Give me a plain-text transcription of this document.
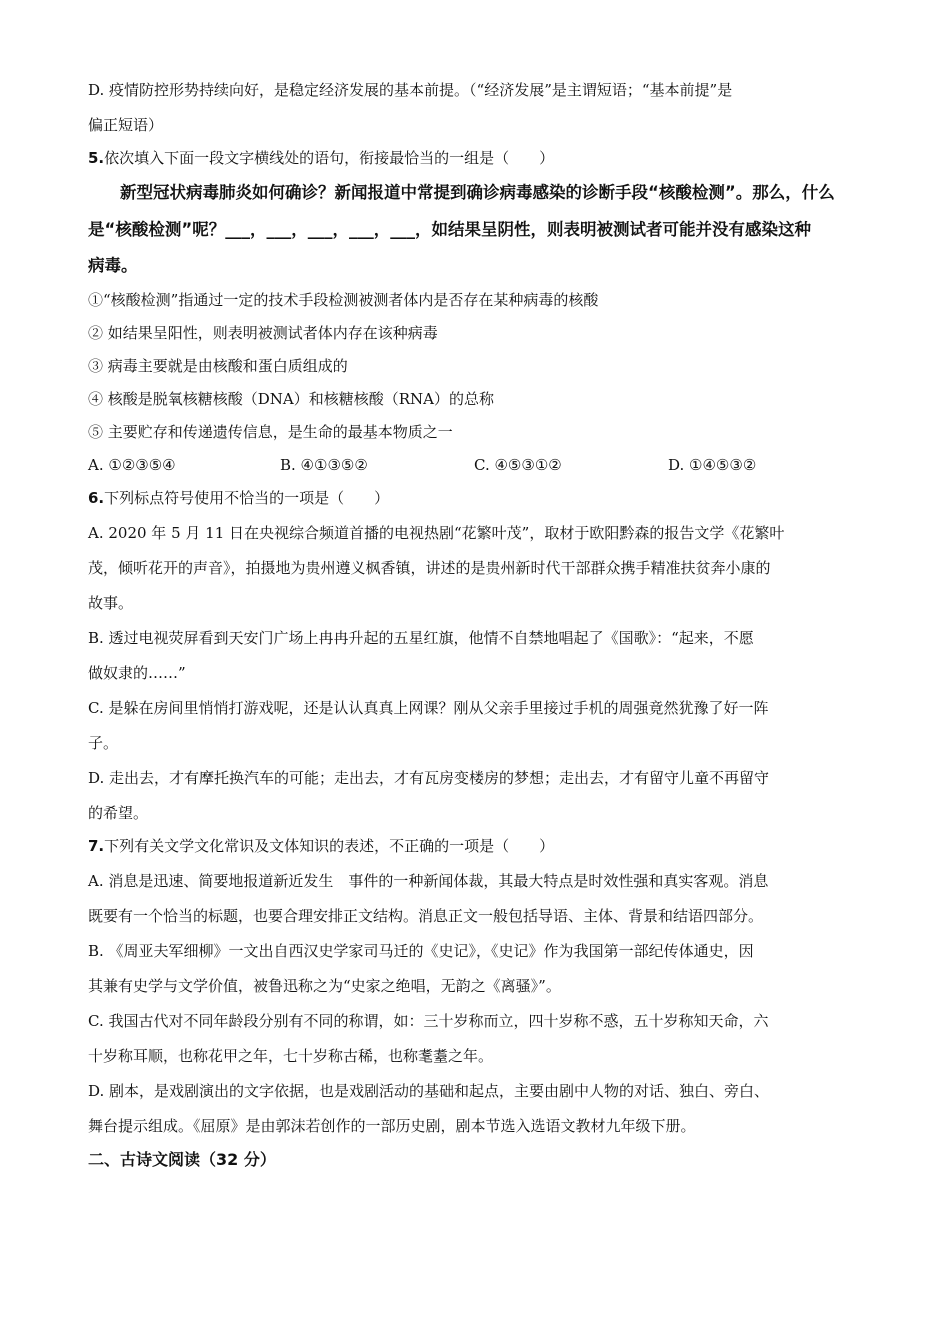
D. 疫情防控形势持续向好，是稳定经济发展的基本前提。（“经济发展”是主谓短语；“基本前提”是

偏正短语）

5.依次填入下面一段文字横线处的语句，衔接最恰当的一组是（　　）

新型冠状病毒肺炎如何确诊？新闻报道中常提到确诊病毒感染的诊断手段“核酸检测”。那么，什么

是“核酸检测”呢？___，___，___，___，___，如结果呈阴性，则表明被测试者可能并没有感染这种

病毒。

①“核酸检测”指通过一定的技术手段检测被测者体内是否存在某种病毒的核酸

② 如结果呈阳性，则表明被测试者体内存在该种病毒

③ 病毒主要就是由核酸和蛋白质组成的

④ 核酸是脱氧核糖核酸（DNA）和核糖核酸（RNA）的总称

⑤ 主要贮存和传递遗传信息，是生命的最基本物质之一

A. ①②③⑤④	B. ④①③⑤②	C. ④⑤③①②	D. ①④⑤③②

6.下列标点符号使用不恰当的一项是（　　）

A. 2020 年 5 月 11 日在央视综合频道首播的电视热剧“花繁叶茂”，取材于欧阳黔森的报告文学《花繁叶

茂，倾听花开的声音》，拍摄地为贵州遵义枫香镇，讲述的是贵州新时代干部群众携手精准扶贫奔小康的

故事。

B. 透过电视荧屏看到天安门广场上冉冉升起的五星红旗，他情不自禁地唱起了《国歌》：“起来，不愿

做奴隶的……”

C. 是躲在房间里悄悄打游戏呢，还是认认真真上网课？刚从父亲手里接过手机的周强竟然犹豫了好一阵

子。

D. 走出去，才有摩托换汽车的可能；走出去，才有瓦房变楼房的梦想；走出去，才有留守儿童不再留守

的希望。

7.下列有关文学文化常识及文体知识的表述，不正确的一项是（　　）

A. 消息是迅速、简要地报道新近发生　事件的一种新闻体裁，其最大特点是时效性强和真实客观。消息

既要有一个恰当的标题，也要合理安排正文结构。消息正文一般包括导语、主体、背景和结语四部分。

B. 《周亚夫军细柳》一文出自西汉史学家司马迁的《史记》，《史记》作为我国第一部纪传体通史，因

其兼有史学与文学价值，被鲁迅称之为“史家之绝唱，无韵之《离骚》”。

C. 我国古代对不同年龄段分别有不同的称谓，如：三十岁称而立，四十岁称不惑，五十岁称知天命，六

十岁称耳顺，也称花甲之年，七十岁称古稀，也称耄耋之年。

D. 剧本，是戏剧演出的文字依据，也是戏剧活动的基础和起点，主要由剧中人物的对话、独白、旁白、

舞台提示组成。《屈原》是由郭沫若创作的一部历史剧，剧本节选入选语文教材九年级下册。

二、古诗文阅读（32 分）
